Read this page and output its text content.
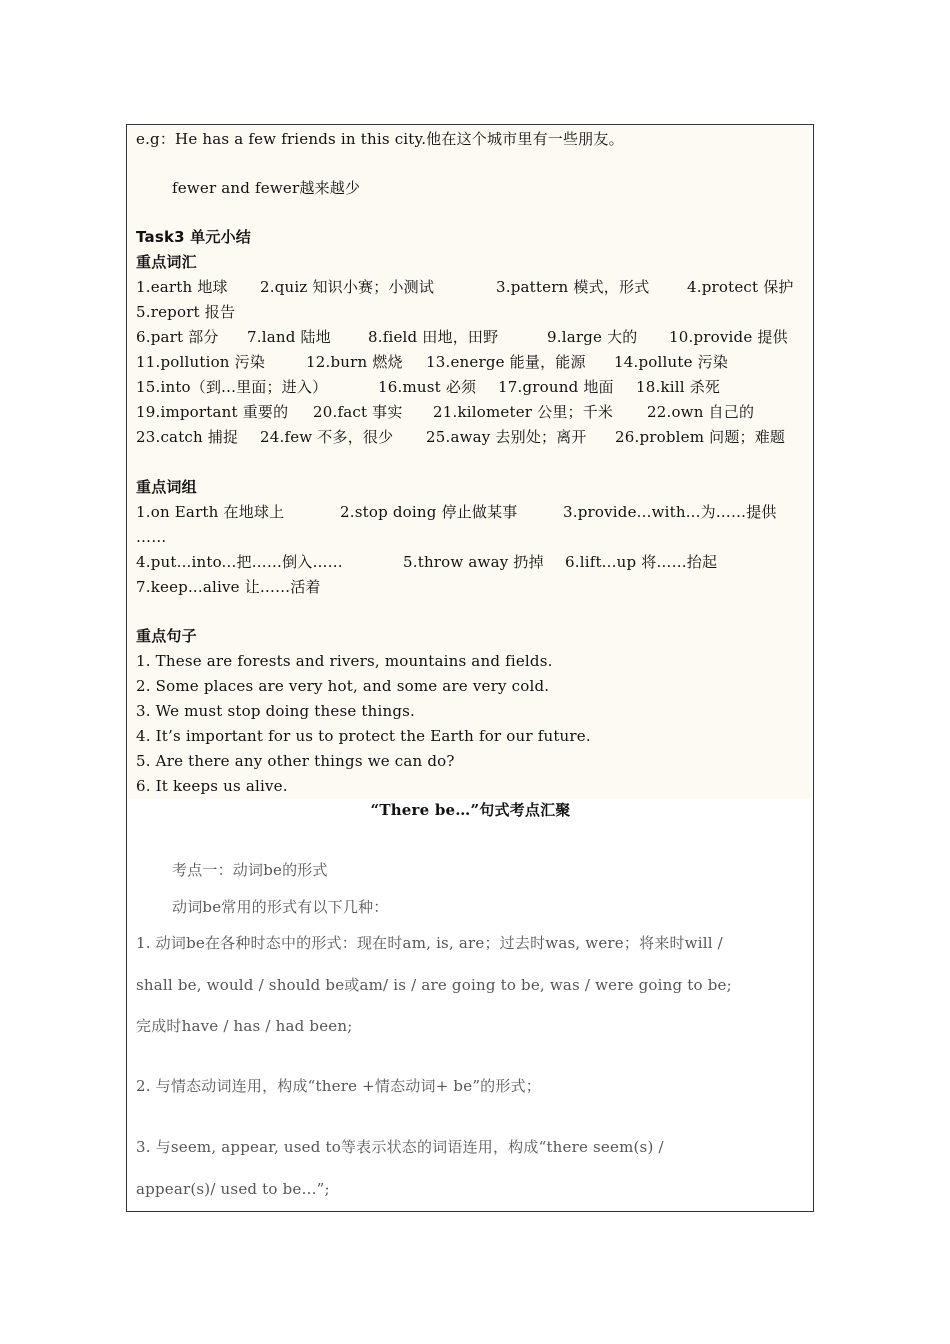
e.g：He has a few friends in this city.他在这个城市里有一些朋友。
fewer and fewer越来越少
Task3 单元小结
重点词汇
1.earth 地球 2.quiz 知识小赛；小测试	3.pattern 模式，形式	4.protect 保护
5.report 报告
6.part 部分 7.land 陆地 8.field 田地，田野	9.large 大的 10.provide 提供
11.pollution 污染	12.burn 燃烧 13.energe 能量，能源 14.pollute 污染
15.into（到...里面；进入）	16.must 必须 17.ground 地面 18.kill 杀死
19.important 重要的 20.fact 事实 21.kilometer 公里；千米 22.own 自己的
23.catch 捕捉 24.few 不多，很少 25.away 去别处；离开 26.problem 问题；难题
重点词组
1.on Earth 在地球上	2.stop doing 停止做某事	3.provide...with...为……提供
……
4.put...into...把……倒入……	5.throw away 扔掉 6.lift...up 将……抬起
7.keep...alive 让……活着
重点句子
1. These are forests and rivers, mountains and fields.
2. Some places are very hot, and some are very cold.
3. We must stop doing these things.
4. It’s important for us to protect the Earth for our future.
5. Are there any other things we can do?
6. It keeps us alive.
“There be…”句式考点汇聚
考点一：动词be的形式
动词be常用的形式有以下几种：
1. 动词be在各种时态中的形式：现在时am, is, are；过去时was, were；将来时will /
shall be, would / should be或am/ is / are going to be, was / were going to be;
完成时have / has / had been;
2. 与情态动词连用，构成“there +情态动词+ be”的形式；
3. 与seem, appear, used to等表示状态的词语连用，构成“there seem(s) /
appear(s)/ used to be…”;
